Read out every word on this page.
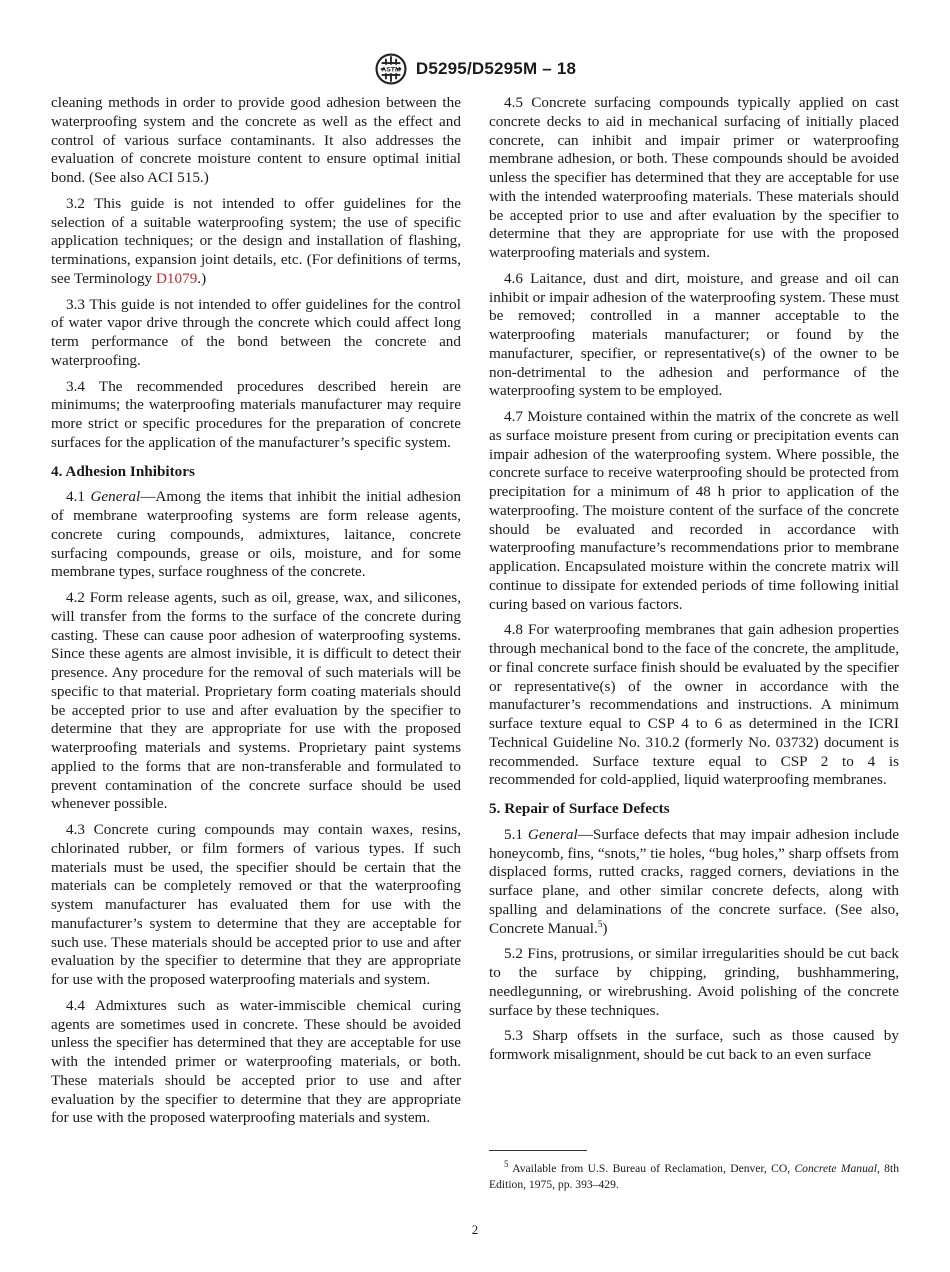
ASTM D5295/D5295M – 18

cleaning methods in order to provide good adhesion between the waterproofing system and the concrete as well as the effect and control of various surface contaminants. It also addresses the evaluation of concrete moisture content to ensure optimal initial bond. (See also ACI 515.)

3.2 This guide is not intended to offer guidelines for the selection of a suitable waterproofing system; the use of specific application techniques; or the design and installation of flashing, terminations, expansion joint details, etc. (For definitions of terms, see Terminology D1079.)

3.3 This guide is not intended to offer guidelines for the control of water vapor drive through the concrete which could affect long term performance of the bond between the concrete and waterproofing.

3.4 The recommended procedures described herein are minimums; the waterproofing materials manufacturer may require more strict or specific procedures for the preparation of concrete surfaces for the application of the manufacturer’s specific system.

4. Adhesion Inhibitors

4.1 General—Among the items that inhibit the initial adhesion of membrane waterproofing systems are form release agents, concrete curing compounds, admixtures, laitance, concrete surfacing compounds, grease or oils, moisture, and for some membrane types, surface roughness of the concrete.

4.2 Form release agents, such as oil, grease, wax, and silicones, will transfer from the forms to the surface of the concrete during casting. These can cause poor adhesion of waterproofing systems. Since these agents are almost invisible, it is difficult to detect their presence. Any procedure for the removal of such materials will be specific to that material. Proprietary form coating materials should be accepted prior to use and after evaluation by the specifier to determine that they are appropriate for use with the proposed waterproofing materials and systems. Proprietary paint systems applied to the forms that are non-transferable and formulated to prevent contamination of the concrete surface should be used whenever possible.

4.3 Concrete curing compounds may contain waxes, resins, chlorinated rubber, or film formers of various types. If such materials must be used, the specifier should be certain that the materials can be completely removed or that the waterproofing system manufacturer has evaluated them for use with the manufacturer’s system to determine that they are acceptable for such use. These materials should be accepted prior to use and after evaluation by the specifier to determine that they are appropriate for use with the proposed waterproofing materials and system.

4.4 Admixtures such as water-immiscible chemical curing agents are sometimes used in concrete. These should be avoided unless the specifier has determined that they are acceptable for use with the intended primer or waterproofing materials, or both. These materials should be accepted prior to use and after evaluation by the specifier to determine that they are appropriate for use with the proposed waterproofing materials and system.

4.5 Concrete surfacing compounds typically applied on cast concrete decks to aid in mechanical surfacing of initially placed concrete, can inhibit and impair primer or waterproofing membrane adhesion, or both. These compounds should be avoided unless the specifier has determined that they are acceptable for use with the intended waterproofing materials. These materials should be accepted prior to use and after evaluation by the specifier to determine that they are appropriate for use with the proposed waterproofing materials and system.

4.6 Laitance, dust and dirt, moisture, and grease and oil can inhibit or impair adhesion of the waterproofing system. These must be removed; controlled in a manner acceptable to the waterproofing materials manufacturer; or found by the manufacturer, specifier, or representative(s) of the owner to be non-detrimental to the adhesion and performance of the waterproofing system to be employed.

4.7 Moisture contained within the matrix of the concrete as well as surface moisture present from curing or precipitation events can impair adhesion of the waterproofing system. Where possible, the concrete surface to receive waterproofing should be protected from precipitation for a minimum of 48 h prior to application of the waterproofing. The moisture content of the surface of the concrete should be evaluated and recorded in accordance with waterproofing manufacture’s recommendations prior to membrane application. Encapsulated moisture within the concrete matrix will continue to dissipate for extended periods of time following initial curing based on various factors.

4.8 For waterproofing membranes that gain adhesion properties through mechanical bond to the face of the concrete, the amplitude, or final concrete surface finish should be evaluated by the specifier or representative(s) of the owner in accordance with the manufacturer’s recommendations and instructions. A minimum surface texture equal to CSP 4 to 6 as determined in the ICRI Technical Guideline No. 310.2 (formerly No. 03732) document is recommended. Surface texture equal to CSP 2 to 4 is recommended for cold-applied, liquid waterproofing membranes.

5. Repair of Surface Defects

5.1 General—Surface defects that may impair adhesion include honeycomb, fins, “snots,” tie holes, “bug holes,” sharp offsets from displaced forms, rutted cracks, ragged corners, deviations in the surface plane, and other similar concrete defects, along with spalling and delaminations of the concrete surface. (See also, Concrete Manual.$^5$)

5.2 Fins, protrusions, or similar irregularities should be cut back to the surface by chipping, grinding, bushhammering, needlegunning, or wirebrushing. Avoid polishing of the concrete surface by these techniques.

5.3 Sharp offsets in the surface, such as those caused by formwork misalignment, should be cut back to an even surface

$^5$ Available from U.S. Bureau of Reclamation, Denver, CO, Concrete Manual, 8th Edition, 1975, pp. 393–429.

2
